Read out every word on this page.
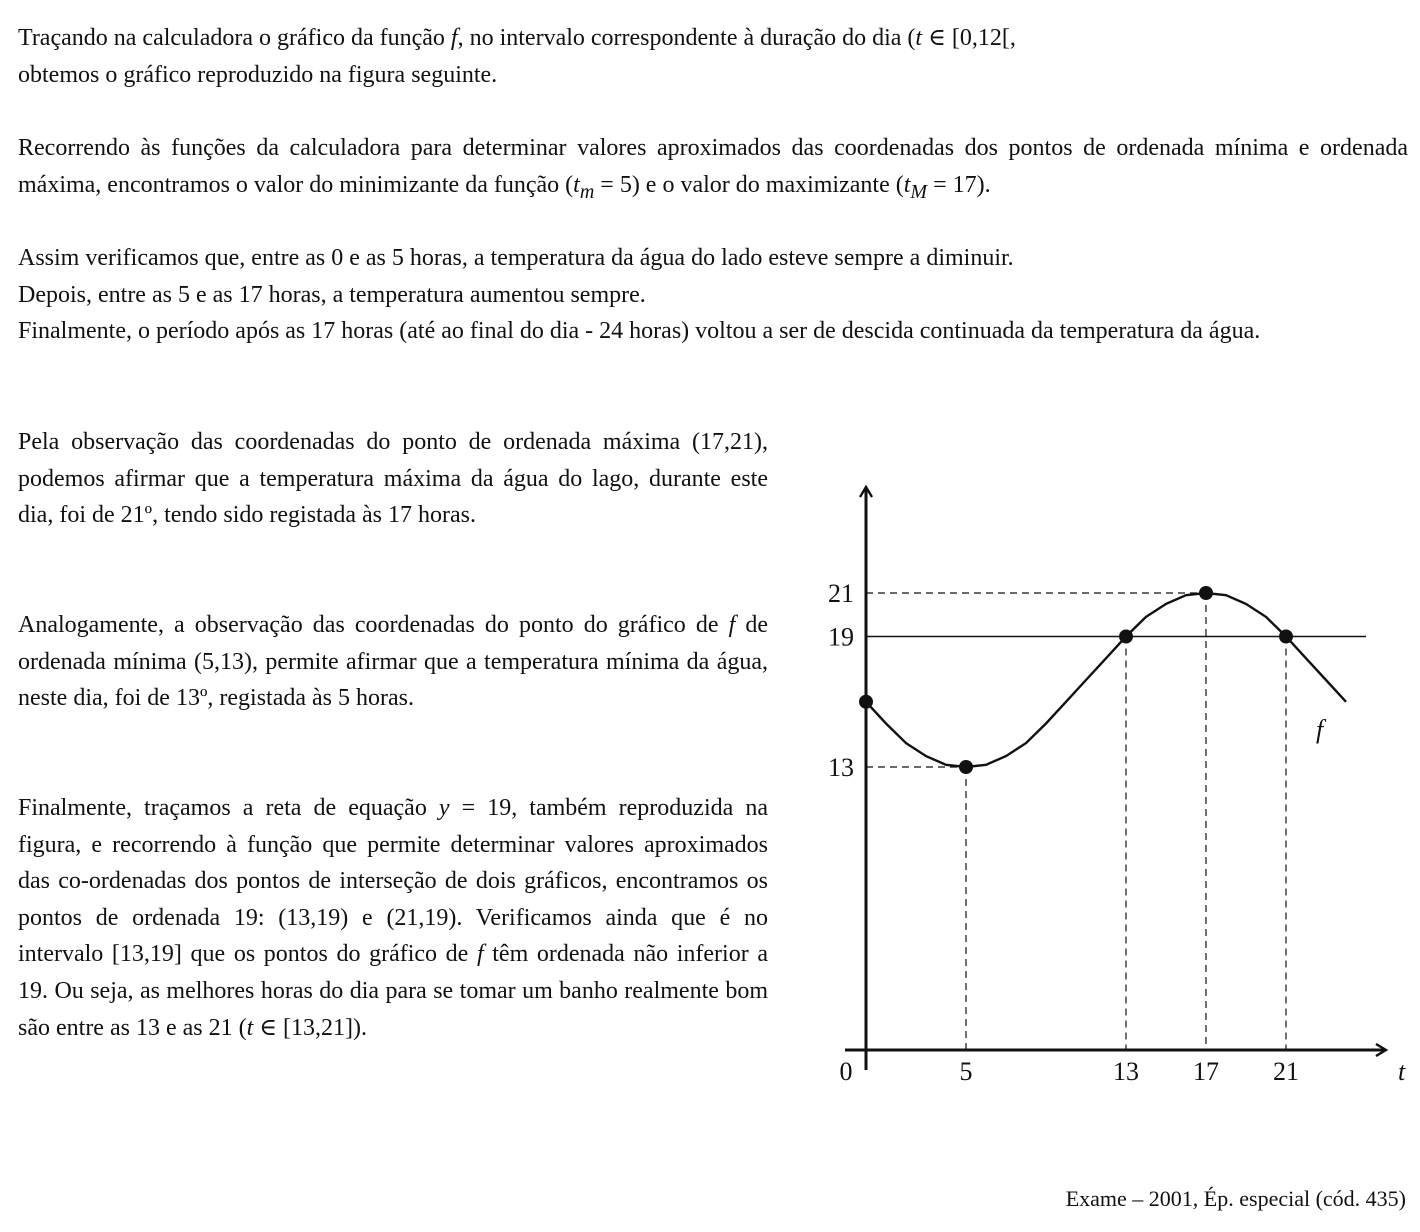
Traçando na calculadora o gráfico da função f, no intervalo correspondente à duração do dia (t ∈ [0,12[,
obtemos o gráfico reproduzido na figura seguinte.

Recorrendo às funções da calculadora para determinar valores aproximados das coordenadas dos pontos de ordenada mínima e ordenada máxima, encontramos o valor do minimizante da função $(t_m = 5)$ e o valor do maximizante $(t_M = 17)$.

Assim verificamos que, entre as 0 e as 5 horas, a temperatura da água do lado esteve sempre a diminuir.

Depois, entre as 5 e as 17 horas, a temperatura aumentou sempre.

Finalmente, o período após as 17 horas (até ao final do dia - 24 horas) voltou a ser de descida continuada da temperatura da água.

Pela observação das coordenadas do ponto de ordenada máxima (17,21), podemos afirmar que a temperatura máxima da água do lago, durante este dia, foi de 21º, tendo sido registada às 17 horas.

Analogamente, a observação das coordenadas do ponto do gráfico de f de ordenada mínima (5,13), permite afirmar que a temperatura mínima da água, neste dia, foi de 13º, registada às 5 horas.

Finalmente, traçamos a reta de equação y = 19, também reproduzida na figura, e recorrendo à função que permite determinar valores aproximados das co-ordenadas dos pontos de interseção de dois gráficos, encontramos os pontos de ordenada 19: (13,19) e (21,19). Verificamos ainda que é no intervalo [13,19] que os pontos do gráfico de f têm ordenada não inferior a 19. Ou seja, as melhores horas do dia para se tomar um banho realmente bom são entre as 13 e as 21 (t ∈ [13,21]).

0	5	13 17 21
13
19
21
t
f
Exame – 2001, Ép. especial (cód. 435)
